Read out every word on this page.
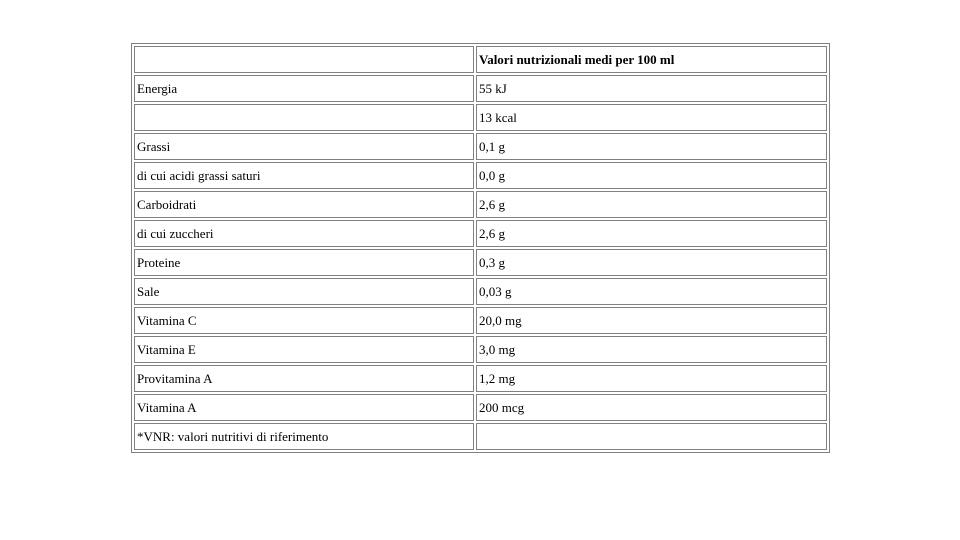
	Valori nutrizionali medi per 100 ml
Energia	55 kJ
	13 kcal
Grassi	0,1 g
di cui acidi grassi saturi	0,0 g
Carboidrati	2,6 g
di cui zuccheri	2,6 g
Proteine	0,3 g
Sale	0,03 g
Vitamina C	20,0 mg
Vitamina E	3,0 mg
Provitamina A	1,2 mg
Vitamina A	200 mcg
*VNR: valori nutritivi di riferimento	
